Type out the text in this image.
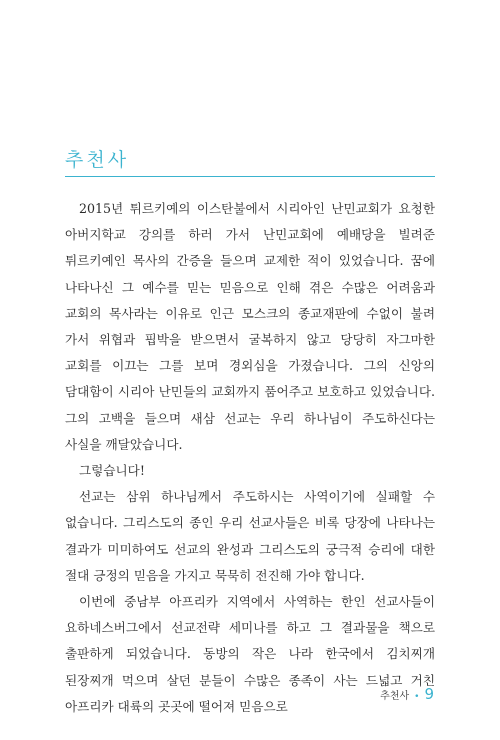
추천사

2015년 튀르키예의 이스탄불에서 시리아인 난민교회가 요청한 아버지학교 강의를 하러 가서 난민교회에 예배당을 빌려준 튀르키예인 목사의 간증을 들으며 교제한 적이 있었습니다. 꿈에 나타나신 그 예수를 믿는 믿음으로 인해 겪은 수많은 어려움과 교회의 목사라는 이유로 인근 모스크의 종교재판에 수없이 불려 가서 위협과 핍박을 받으면서 굴복하지 않고 당당히 자그마한 교회를 이끄는 그를 보며 경외심을 가졌습니다. 그의 신앙의 담대함이 시리아 난민들의 교회까지 품어주고 보호하고 있었습니다. 그의 고백을 들으며 새삼 선교는 우리 하나님이 주도하신다는 사실을 깨달았습니다.

그렇습니다!

선교는 삼위 하나님께서 주도하시는 사역이기에 실패할 수 없습니다. 그리스도의 종인 우리 선교사들은 비록 당장에 나타나는 결과가 미미하여도 선교의 완성과 그리스도의 궁극적 승리에 대한 절대 긍정의 믿음을 가지고 묵묵히 전진해 가야 합니다.

이번에 중남부 아프리카 지역에서 사역하는 한인 선교사들이 요하네스버그에서 선교전략 세미나를 하고 그 결과물을 책으로 출판하게 되었습니다. 동방의 작은 나라 한국에서 김치찌개 된장찌개 먹으며 살던 분들이 수많은 종족이 사는 드넓고 거친 아프리카 대륙의 곳곳에 떨어져 믿음으로

추천사 • 9
